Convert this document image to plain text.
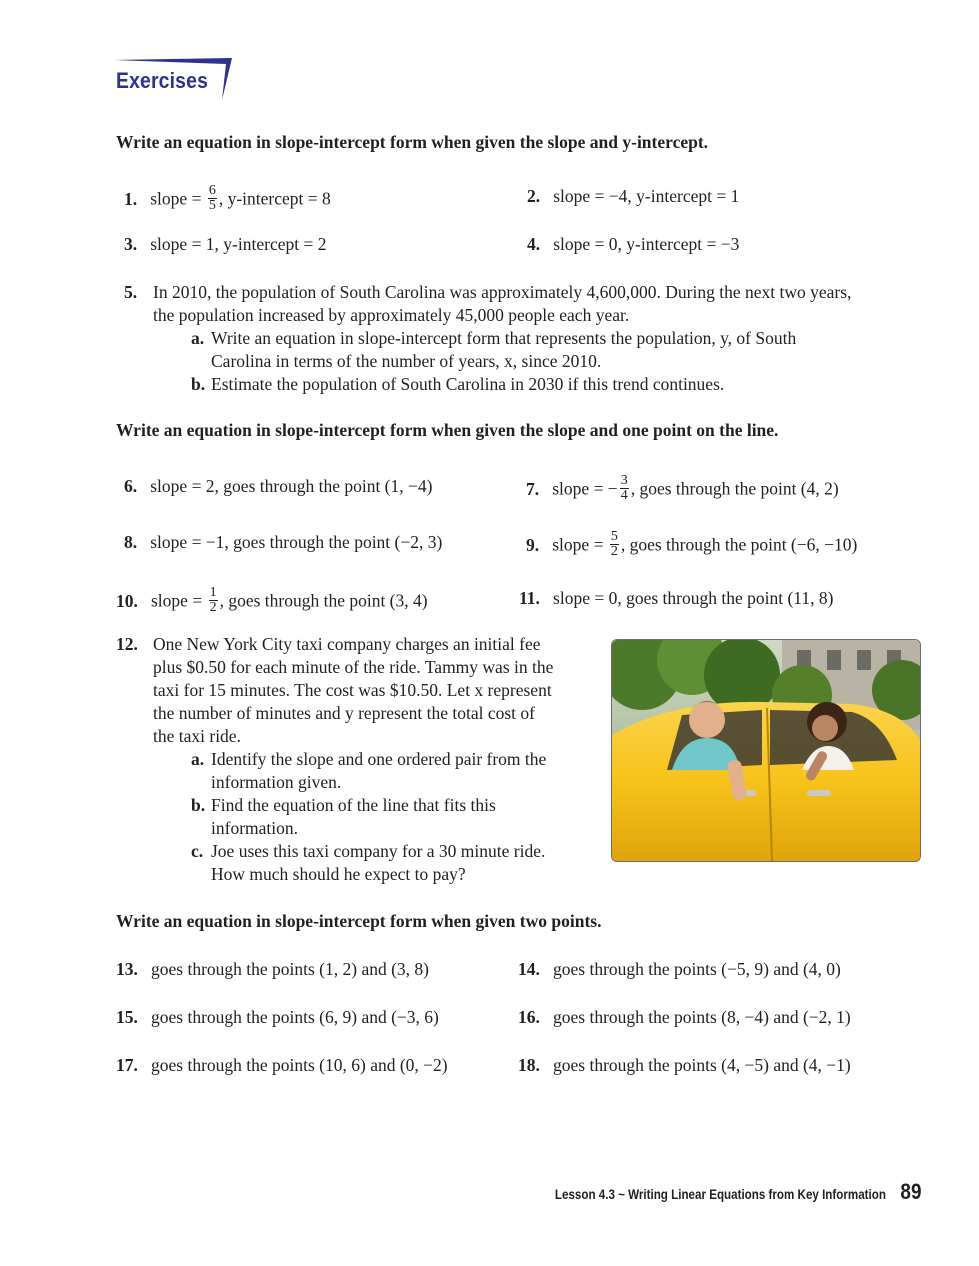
Exercises
Write an equation in slope-intercept form when given the slope and y-intercept.
1. slope = $\frac{6}{5}$ , y-intercept = 8	2. slope = −4, y-intercept = 1
3. slope = 1, y-intercept = 2	4. slope = 0, y-intercept = −3
5. In 2010, the population of South Carolina was approximately 4,600,000. During the next two years,
the population increased by approximately 45,000 people each year.
a. Write an equation in slope-intercept form that represents the population, y, of South
Carolina in terms of the number of years, x, since 2010.
b. Estimate the population of South Carolina in 2030 if this trend continues.
Write an equation in slope-intercept form when given the slope and one point on the line.
6. slope = 2, goes through the point (1, −4)	7. slope = − $\frac{3}{4}$ , goes through the point (4, 2)
8. slope = −1, goes through the point (−2, 3)	9. slope = $\frac{5}{2}$ , goes through the point (−6, −10)
10. slope = $\frac{1}{2}$ , goes through the point (3, 4)	11. slope = 0, goes through the point (11, 8)
12. One New York City taxi company charges an initial fee
plus $0.50 for each minute of the ride. Tammy was in the
taxi for 15 minutes. The cost was $10.50. Let x represent
the number of minutes and y represent the total cost of
the taxi ride.
a. Identify the slope and one ordered pair from the
information given.
b. Find the equation of the line that fits this
information.
c. Joe uses this taxi company for a 30 minute ride.
How much should he expect to pay?
Write an equation in slope-intercept form when given two points.
13. goes through the points (1, 2) and (3, 8)	14. goes through the points (−5, 9) and (4, 0)
15. goes through the points (6, 9) and (−3, 6)	16. goes through the points (8, −4) and (−2, 1)
17. goes through the points (10, 6) and (0, −2)	18. goes through the points (4, −5) and (4, −1)
Lesson 4.3 ~ Writing Linear Equations from Key Information 89
